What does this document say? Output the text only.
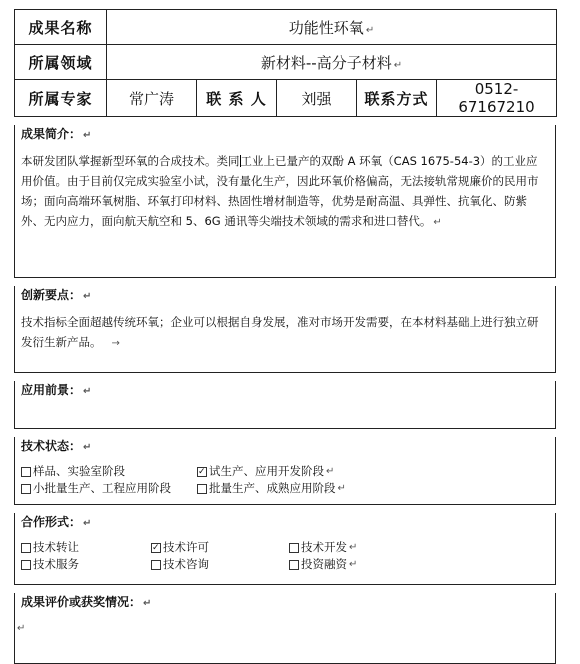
成果名称	功能性环氧 ↵				
所属领域	新材料--高分子材料 ↵				
所属专家	常广涛	联 系 人	刘强	联系方式	0512-67167210
成果简介： ↵
本研发团队掌握新型环氧的合成技术。类同工业上已量产的双酚 A 环氧（CAS 1675-54-3）的工业应用价值。由于目前仅完成实验室小试，没有量化生产，因此环氧价格偏高，无法接轨常规廉价的民用市场；面向高端环氧树脂、环氧打印材料、热固性增材制造等，优势是耐高温、具弹性、抗氧化、防紫外、无内应力，面向航天航空和 5、6G 通讯等尖端技术领域的需求和进口替代。 ↵
创新要点： ↵
技术指标全面超越传统环氧；企业可以根据自身发展，准对市场开发需要，在本材料基础上进行独立研发衍生新产品。 →
应用前景： ↵
技术状态： ↵
样品、实验室阶段 ✓	试生产、应用开发阶段 ↵
小批量生产、工程应用阶段	批量生产、成熟应用阶段 ↵
合作形式： ↵
技术转让 ✓	技术许可	技术开发 ↵
技术服务	技术咨询	投资融资 ↵
成果评价或获奖情况： ↵
↵
